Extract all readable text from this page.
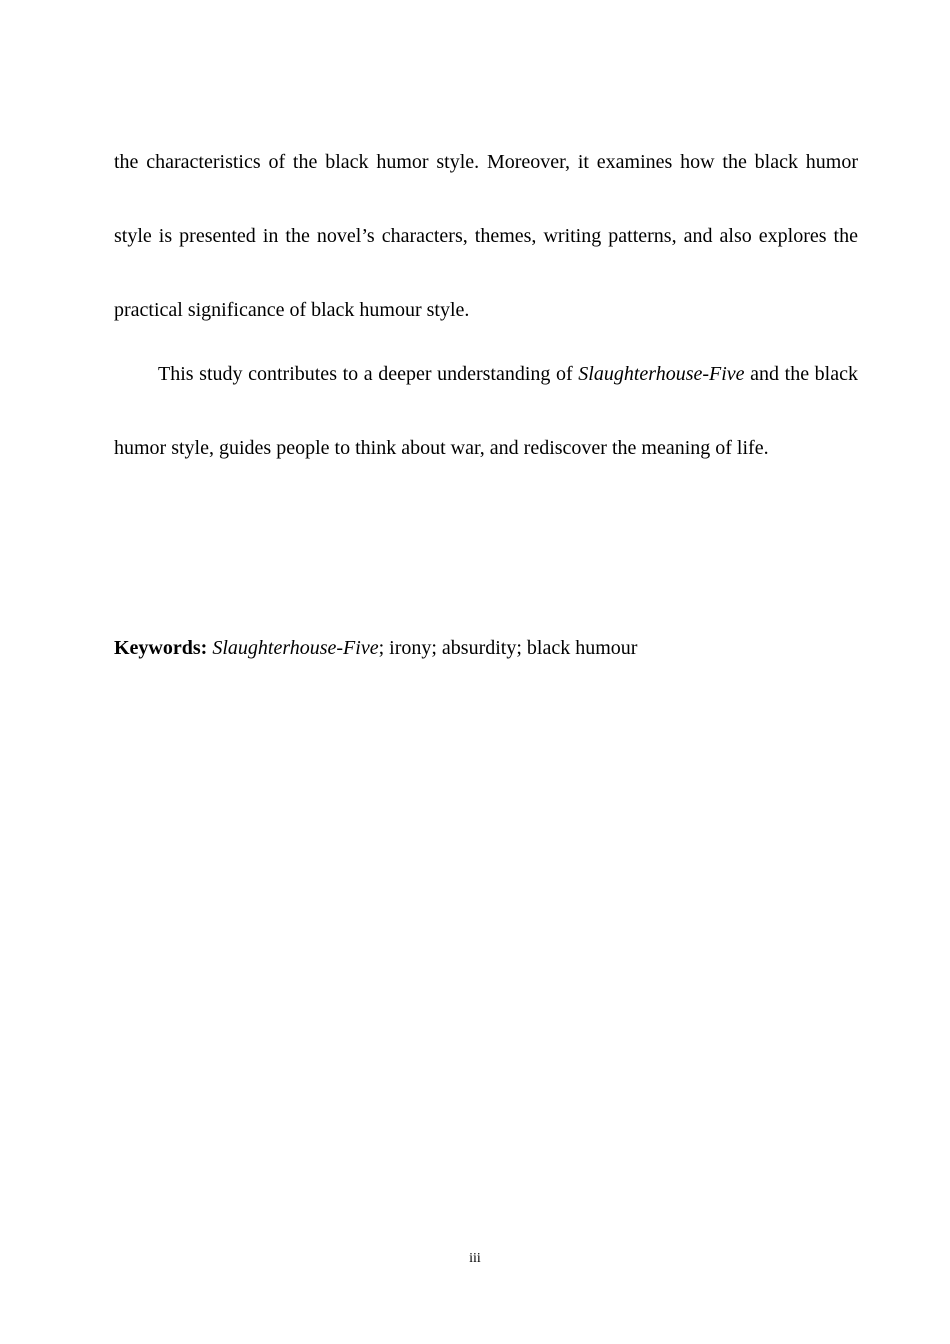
the characteristics of the black humor style. Moreover, it examines how the black humor style is presented in the novel’s characters, themes, writing patterns, and also explores the practical significance of black humour style.

This study contributes to a deeper understanding of Slaughterhouse-Five and the black humor style, guides people to think about war, and rediscover the meaning of life.

Keywords: Slaughterhouse-Five; irony; absurdity; black humour

iii
